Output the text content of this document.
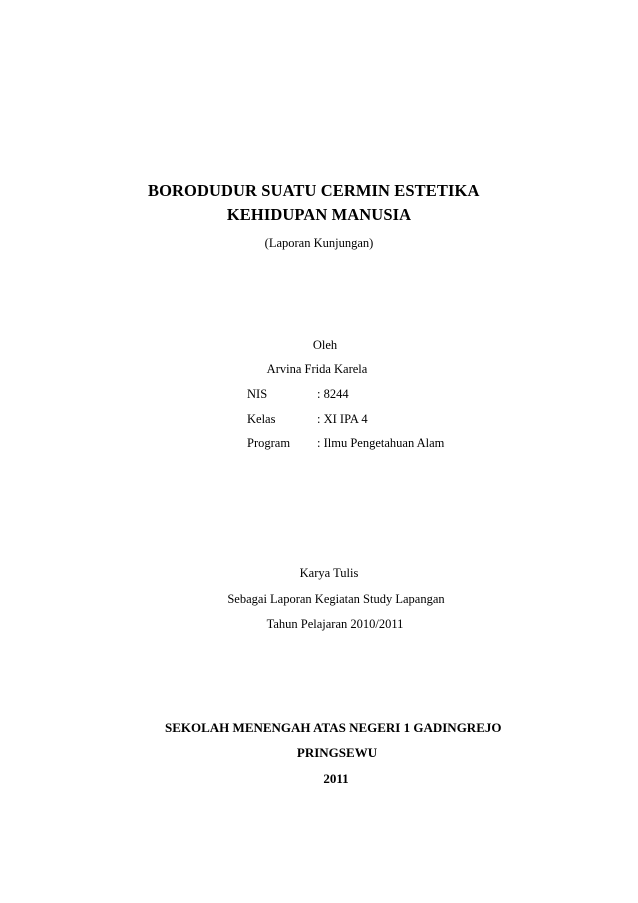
BORODUDUR SUATU CERMIN ESTETIKA
KEHIDUPAN MANUSIA
(Laporan Kunjungan)
Oleh
Arvina Frida Karela
NIS	: 8244
Kelas	: XI IPA 4
Program : Ilmu Pengetahuan Alam
Karya Tulis
Sebagai Laporan Kegiatan Study Lapangan
Tahun Pelajaran 2010/2011
SEKOLAH MENENGAH ATAS NEGERI 1 GADINGREJO
PRINGSEWU
2011
